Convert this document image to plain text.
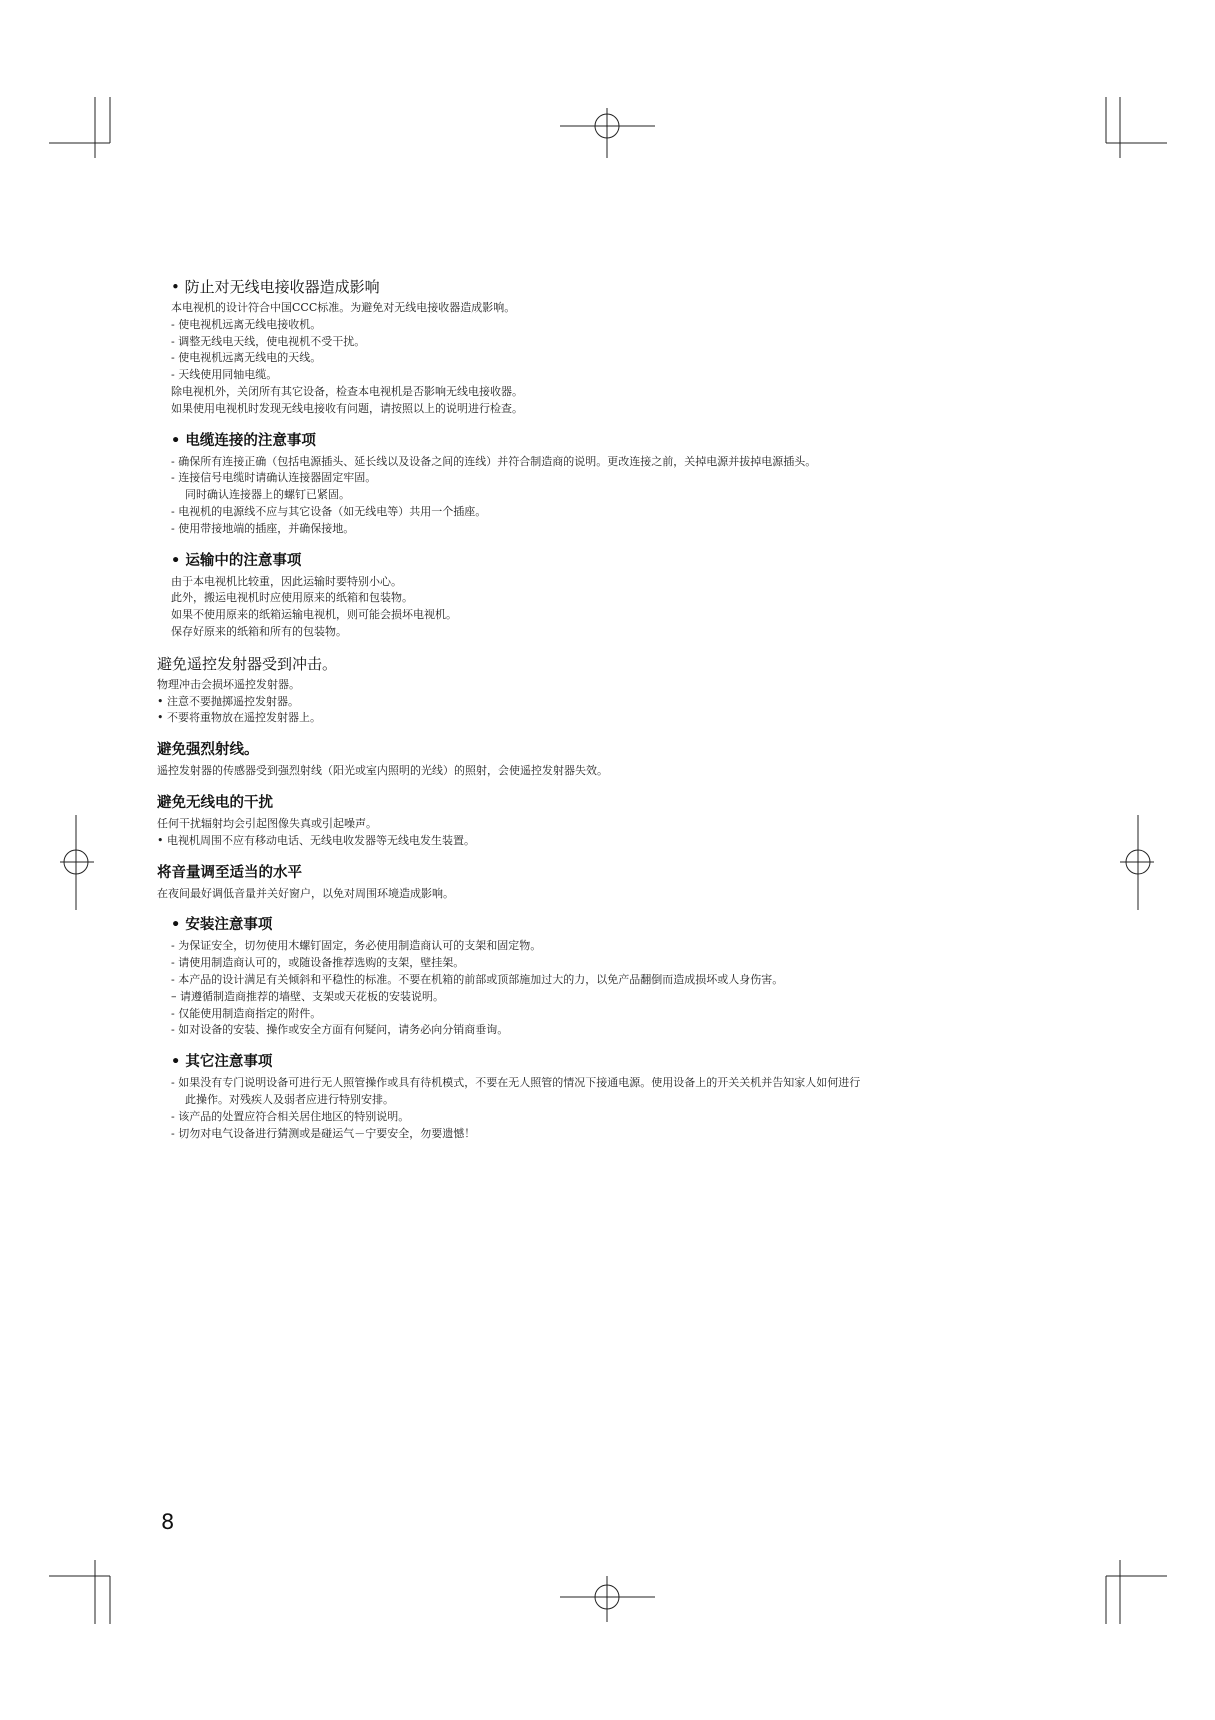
• 防止对无线电接收器造成影响
本电视机的设计符合中国CCC标准。为避免对无线电接收器造成影响。
- 使电视机远离无线电接收机。
- 调整无线电天线，使电视机不受干扰。
- 使电视机远离无线电的天线。
- 天线使用同轴电缆。
除电视机外，关闭所有其它设备，检查本电视机是否影响无线电接收器。
如果使用电视机时发现无线电接收有问题，请按照以上的说明进行检查。
• 电缆连接的注意事项
- 确保所有连接正确（包括电源插头、延长线以及设备之间的连线）并符合制造商的说明。更改连接之前，关掉电源并拔掉电源插头。
- 连接信号电缆时请确认连接器固定牢固。
同时确认连接器上的螺钉已紧固。
- 电视机的电源线不应与其它设备（如无线电等）共用一个插座。
- 使用带接地端的插座，并确保接地。
• 运输中的注意事项
由于本电视机比较重，因此运输时要特别小心。
此外，搬运电视机时应使用原来的纸箱和包装物。
如果不使用原来的纸箱运输电视机，则可能会损坏电视机。
保存好原来的纸箱和所有的包装物。
避免遥控发射器受到冲击。
物理冲击会损坏遥控发射器。
• 注意不要抛掷遥控发射器。
• 不要将重物放在遥控发射器上。
避免强烈射线。
遥控发射器的传感器受到强烈射线（阳光或室内照明的光线）的照射，会使遥控发射器失效。
避免无线电的干扰
任何干扰辐射均会引起图像失真或引起噪声。
• 电视机周围不应有移动电话、无线电收发器等无线电发生装置。
将音量调至适当的水平
在夜间最好调低音量并关好窗户，以免对周围环境造成影响。
• 安装注意事项
- 为保证安全，切勿使用木螺钉固定，务必使用制造商认可的支架和固定物。
- 请使用制造商认可的，或随设备推荐选购的支架，壁挂架。
- 本产品的设计满足有关倾斜和平稳性的标准。不要在机箱的前部或顶部施加过大的力，以免产品翻倒而造成损坏或人身伤害。
– 请遵循制造商推荐的墙壁、支架或天花板的安装说明。
- 仅能使用制造商指定的附件。
- 如对设备的安装、操作或安全方面有何疑问，请务必向分销商垂询。
• 其它注意事项
- 如果没有专门说明设备可进行无人照管操作或具有待机模式，不要在无人照管的情况下接通电源。使用设备上的开关关机并告知家人如何进行
此操作。对残疾人及弱者应进行特别安排。
- 该产品的处置应符合相关居住地区的特别说明。
- 切勿对电气设备进行猜测或是碰运气－宁要安全，勿要遗憾！
8
